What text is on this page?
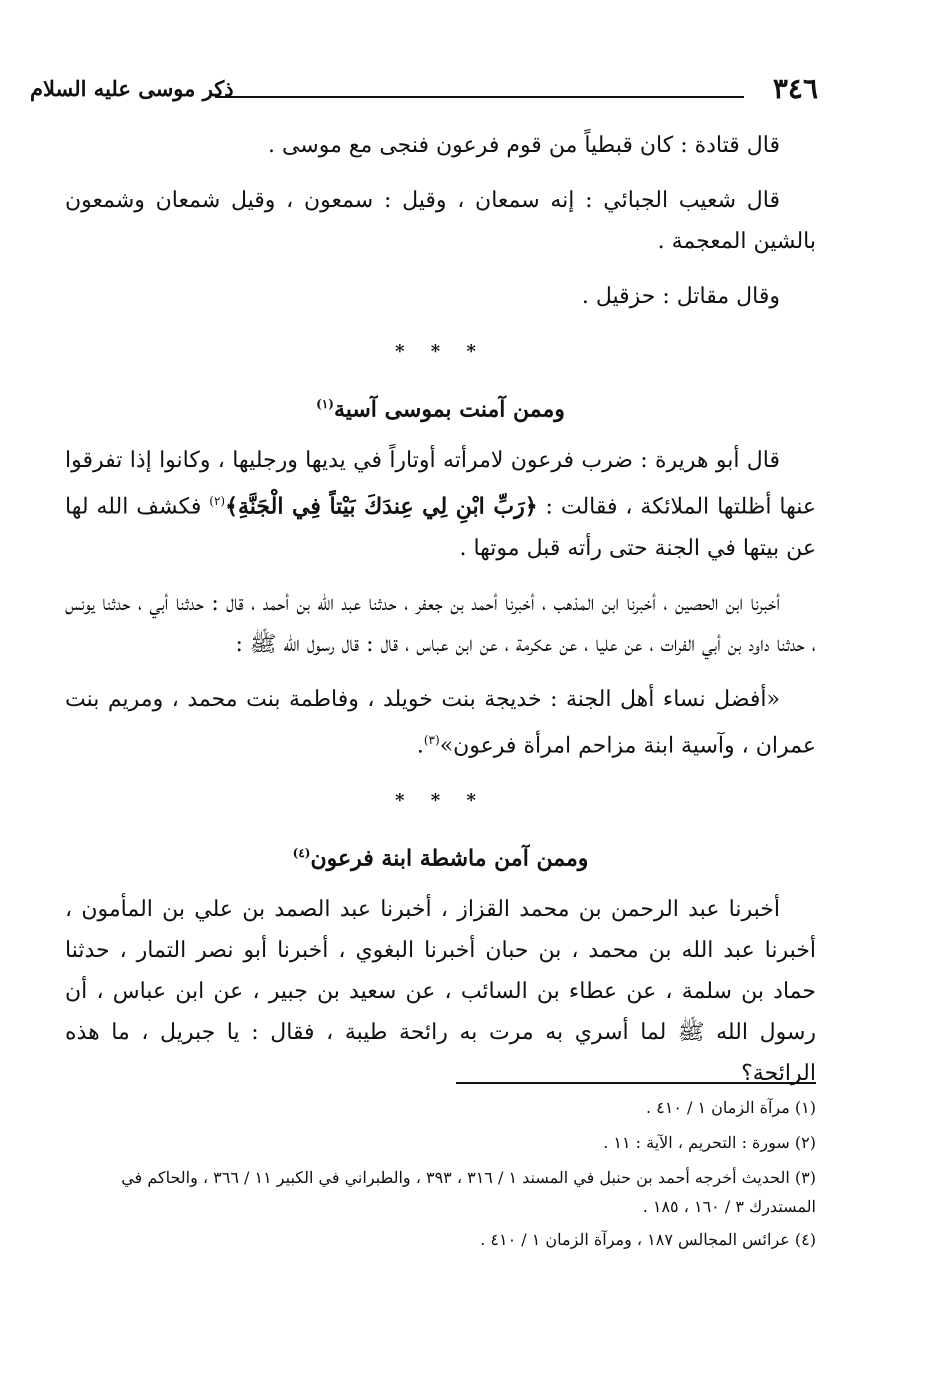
٣٤٦
ذكر موسى عليه السلام

قال قتادة : كان قبطياً من قوم فرعون فنجى مع موسى .

قال شعيب الجبائي : إنه سمعان ، وقيل : سمعون ، وقيل شمعان وشمعون بالشين المعجمة .

وقال مقاتل : حزقيل .

* * *
وممن آمنت بموسى آسية$^{(١)}$

قال أبو هريرة : ضرب فرعون لامرأته أوتاراً في يديها ورجليها ، وكانوا إذا تفرقوا عنها أظلتها الملائكة ، فقالت : ﴿رَبِّ ابْنِ لِي عِندَكَ بَيْتاً فِي الْجَنَّةِ﴾$^{(٢)}$ فكشف الله لها عن بيتها في الجنة حتى رأته قبل موتها .

أخبرنا ابن الحصين ، أخبرنا ابن المذهب ، أخبرنا أحمد بن جعفر ، حدثنا عبد الله بن أحمد ، قال : حدثنا أبي ، حدثنا يونس ، حدثنا داود بن أبي الفرات ، عن عليا ، عن عكرمة ، عن ابن عباس ، قال : قال رسول الله ﷺ :

«أفضل نساء أهل الجنة : خديجة بنت خويلد ، وفاطمة بنت محمد ، ومريم بنت عمران ، وآسية ابنة مزاحم امرأة فرعون»$^{(٣)}$.

* * *
وممن آمن ماشطة ابنة فرعون$^{(٤)}$

أخبرنا عبد الرحمن بن محمد القزاز ، أخبرنا عبد الصمد بن علي بن المأمون ، أخبرنا عبد الله بن محمد ، بن حبان أخبرنا البغوي ، أخبرنا أبو نصر التمار ، حدثنا حماد بن سلمة ، عن عطاء بن السائب ، عن سعيد بن جبير ، عن ابن عباس ، أن رسول الله ﷺ لما أسري به مرت به رائحة طيبة ، فقال : يا جبريل ، ما هذه الرائحة؟

(١) مرآة الزمان ١ / ٤١٠ .
(٢) سورة : التحريم ، الآية : ١١ .
(٣) الحديث أخرجه أحمد بن حنبل في المسند ١ / ٣١٦ ، ٣٩٣ ، والطبراني في الكبير ١١ / ٣٦٦ ، والحاكم في المستدرك ٣ / ١٦٠ ، ١٨٥ .
(٤) عرائس المجالس ١٨٧ ، ومرآة الزمان ١ / ٤١٠ .
